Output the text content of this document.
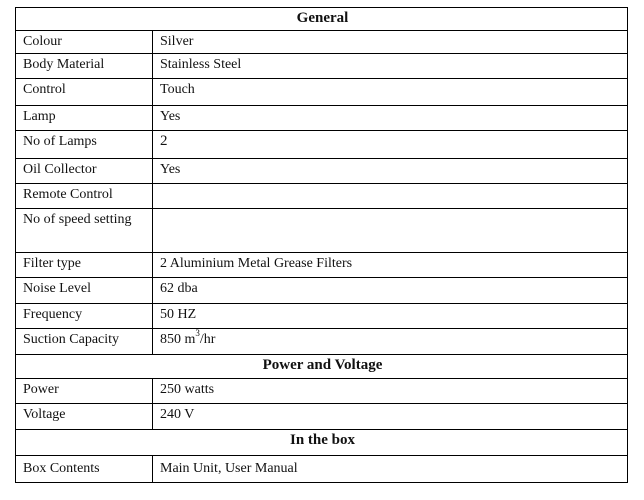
General	
Colour	Silver
Body Material	Stainless Steel
Control	Touch
Lamp	Yes
No of Lamps	2
Oil Collector	Yes
Remote Control	
No of speed setting	
Filter type	2 Aluminium Metal Grease Filters
Noise Level	62 dba
Frequency	50 HZ
Suction Capacity	850 $m^3/hr$
Power and Voltage	
Power	250 watts
Voltage	240 V
In the box	
Box Contents	Main Unit, User Manual
